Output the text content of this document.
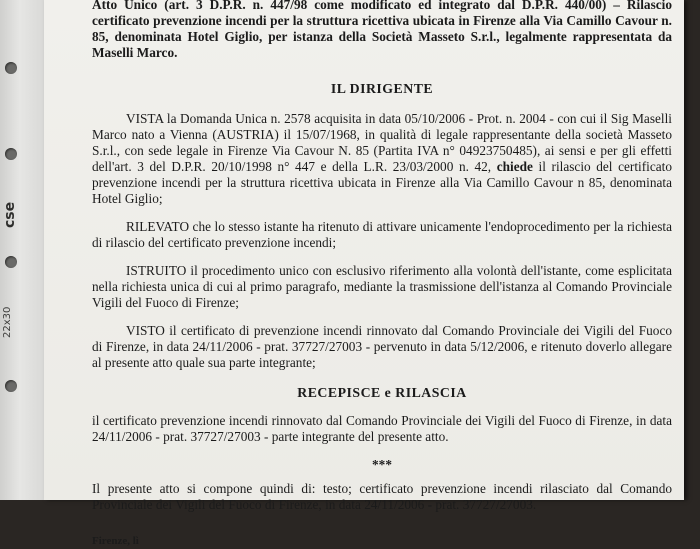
cse
22x30

Atto Unico (art. 3 D.P.R. n. 447/98 come modificato ed integrato dal D.P.R. 440/00) – Rilascio certificato prevenzione incendi per la struttura ricettiva ubicata in Firenze alla Via Camillo Cavour n. 85, denominata Hotel Giglio, per istanza della Società Masseto S.r.l., legalmente rappresentata da Maselli Marco.

IL DIRIGENTE

VISTA la Domanda Unica n. 2578 acquisita in data 05/10/2006 - Prot. n. 2004 - con cui il Sig Maselli Marco nato a Vienna (AUSTRIA) il 15/07/1968, in qualità di legale rappresentante della società Masseto S.r.l., con sede legale in Firenze Via Cavour N. 85 (Partita IVA n° 04923750485), ai sensi e per gli effetti dell'art. 3 del D.P.R. 20/10/1998 n° 447 e della L.R. 23/03/2000 n. 42, chiede il rilascio del certificato prevenzione incendi per la struttura ricettiva ubicata in Firenze alla Via Camillo Cavour n 85, denominata Hotel Giglio;

RILEVATO che lo stesso istante ha ritenuto di attivare unicamente l'endoprocedimento per la richiesta di rilascio del certificato prevenzione incendi;

ISTRUITO il procedimento unico con esclusivo riferimento alla volontà dell'istante, come esplicitata nella richiesta unica di cui al primo paragrafo, mediante la trasmissione dell'istanza al Comando Provinciale Vigili del Fuoco di Firenze;

VISTO il certificato di prevenzione incendi rinnovato dal Comando Provinciale dei Vigili del Fuoco di Firenze, in data 24/11/2006 - prat. 37727/27003 - pervenuto in data 5/12/2006, e ritenuto doverlo allegare al presente atto quale sua parte integrante;

RECEPISCE e RILASCIA

il certificato prevenzione incendi rinnovato dal Comando Provinciale dei Vigili del Fuoco di Firenze, in data 24/11/2006 - prat. 37727/27003 - parte integrante del presente atto.

***

Il presente atto si compone quindi di: testo; certificato prevenzione incendi rilasciato dal Comando Provinciale dei Vigili del Fuoco di Firenze, in data 24/11/2006 - prat. 37727/27003.

Firenze, lì
